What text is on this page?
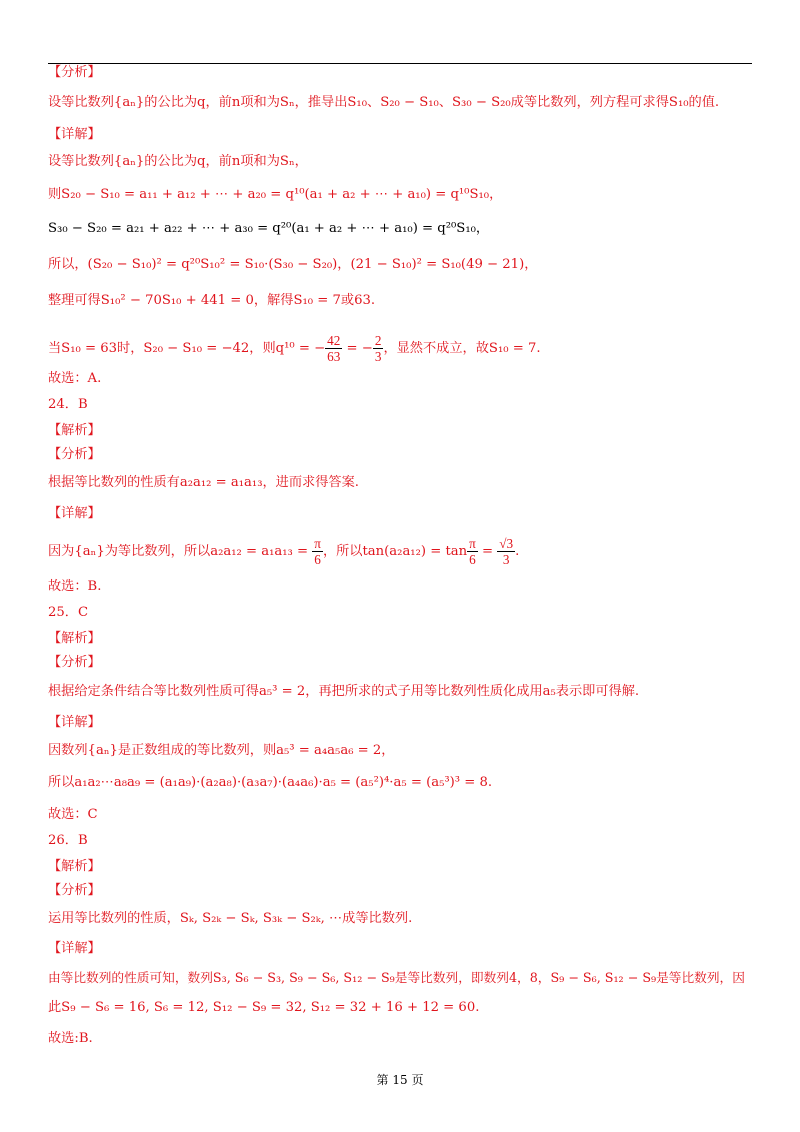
【分析】
设等比数列{aₙ}的公比为q，前n项和为Sₙ，推导出S₁₀、S₂₀ − S₁₀、S₃₀ − S₂₀成等比数列，列方程可求得S₁₀的值.
【详解】
设等比数列{aₙ}的公比为q，前n项和为Sₙ，
则S₂₀ − S₁₀ = a₁₁ + a₁₂ + ⋯ + a₂₀ = q¹⁰(a₁ + a₂ + ⋯ + a₁₀) = q¹⁰S₁₀，
S₃₀ − S₂₀ = a₂₁ + a₂₂ + ⋯ + a₃₀ = q²⁰(a₁ + a₂ + ⋯ + a₁₀) = q²⁰S₁₀，
所以，(S₂₀ − S₁₀)² = q²⁰S₁₀² = S₁₀·(S₃₀ − S₂₀)，(21 − S₁₀)² = S₁₀(49 − 21)，
整理可得S₁₀² − 70S₁₀ + 441 = 0，解得S₁₀ = 7或63.
当S₁₀ = 63时，S₂₀ − S₁₀ = −42，则q¹⁰ = − $\frac{42}{63}$ = − $\frac{2}{3}$ ，显然不成立，故S₁₀ = 7.
故选：A.
24．B
【解析】
【分析】
根据等比数列的性质有a₂a₁₂ = a₁a₁₃，进而求得答案.
【详解】
因为{aₙ}为等比数列，所以$a_2a_{12} = a_1a_{13} = \frac{\pi}{6}$ ，所以$\tan(a_2a_{12}) = \tan \frac{\pi}{6} = \frac{√3}{3}$ .
故选：B.
25．C
【解析】
【分析】
根据给定条件结合等比数列性质可得a₅³ = 2，再把所求的式子用等比数列性质化成用a₅表示即可得解.
【详解】
因数列{aₙ}是正数组成的等比数列，则a₅³ = a₄a₅a₆ = 2，
所以a₁a₂⋯a₈a₉ = (a₁a₉)·(a₂a₈)·(a₃a₇)·(a₄a₆)·a₅ = (a₅²)⁴·a₅ = (a₅³)³ = 8.
故选：C
26．B
【解析】
【分析】
运用等比数列的性质，Sₖ, S₂ₖ − Sₖ, S₃ₖ − S₂ₖ, ⋯成等比数列.
【详解】
由等比数列的性质可知，数列S₃, S₆ − S₃, S₉ − S₆, S₁₂ − S₉是等比数列，即数列4，8，S₉ − S₆, S₁₂ − S₉是等比数列，因
此S₉ − S₆ = 16, S₆ = 12, S₁₂ − S₉ = 32, S₁₂ = 32 + 16 + 12 = 60.
故选:B.
第 15 页
